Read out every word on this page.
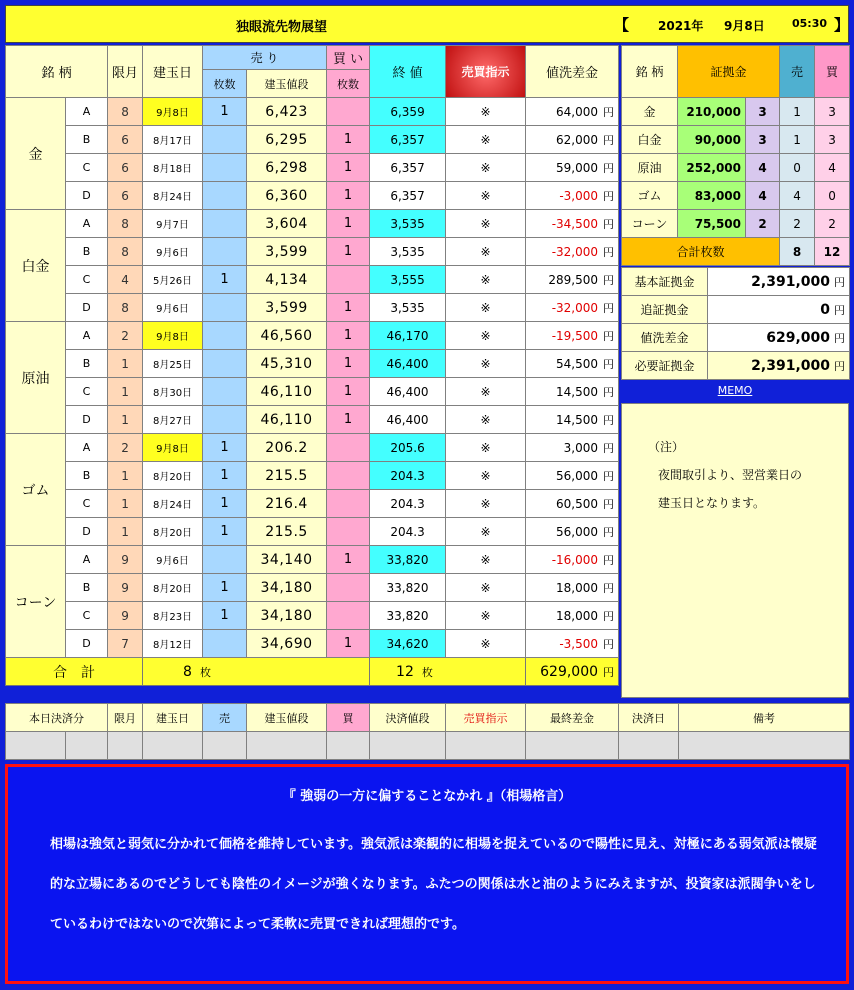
独眼流先物展望	【 2021年 9月8日 05:30 】
銘 柄		限月	建玉日	売 り		買 い	終 値	売買指示	値洗差金
				枚数	建玉値段	枚数			
金	A	8	9月8日	1	6,423		6,359	※	64,000 円
	B	6	8月17日		6,295	1	6,357	※	62,000 円
	C	6	8月18日		6,298	1	6,357	※	59,000 円
	D	6	8月24日		6,360	1	6,357	※	-3,000 円
白金	A	8	9月7日		3,604	1	3,535	※	-34,500 円
	B	8	9月6日		3,599	1	3,535	※	-32,000 円
	C	4	5月26日	1	4,134		3,555	※	289,500 円
	D	8	9月6日		3,599	1	3,535	※	-32,000 円
原油	A	2	9月8日		46,560	1	46,170	※	-19,500 円
	B	1	8月25日		45,310	1	46,400	※	54,500 円
	C	1	8月30日		46,110	1	46,400	※	14,500 円
	D	1	8月27日		46,110	1	46,400	※	14,500 円
ゴム	A	2	9月8日	1	206.2		205.6	※	3,000 円
	B	1	8月20日	1	215.5		204.3	※	56,000 円
	C	1	8月24日	1	216.4		204.3	※	60,500 円
	D	1	8月20日	1	215.5		204.3	※	56,000 円
コーン	A	9	9月6日		34,140	1	33,820	※	-16,000 円
	B	9	8月20日	1	34,180		33,820	※	18,000 円
	C	9	8月23日	1	34,180		33,820	※	18,000 円
	D	7	8月12日		34,690	1	34,620	※	-3,500 円
合　計			8 枚				12 枚		629,000 円
銘 柄	証拠金		売	買
金	210,000	3	1	3
白金	90,000	3	1	3
原油	252,000	4	0	4
ゴム	83,000	4	4	0
コーン	75,500	2	2	2
合計枚数			8	12
基本証拠金	2,391,000 円
追証拠金	0 円
値洗差金	629,000 円
必要証拠金	2,391,000 円
MEMO
（注）
夜間取引より、翌営業日の
建玉日となります。
本日決済分		限月	建玉日	売	建玉値段	買	決済値段	売買指示	最終差金	決済日	備考

『 強弱の一方に偏することなかれ 』（相場格言）
相場は強気と弱気に分かれて価格を維持しています。強気派は楽観的に相場を捉えているので陽性に見え、対極にある弱気派は懐疑的な立場にあるのでどうしても陰性のイメージが強くなります。ふたつの関係は水と油のようにみえますが、投資家は派閥争いをしているわけではないので次第によって柔軟に売買できれば理想的です。
